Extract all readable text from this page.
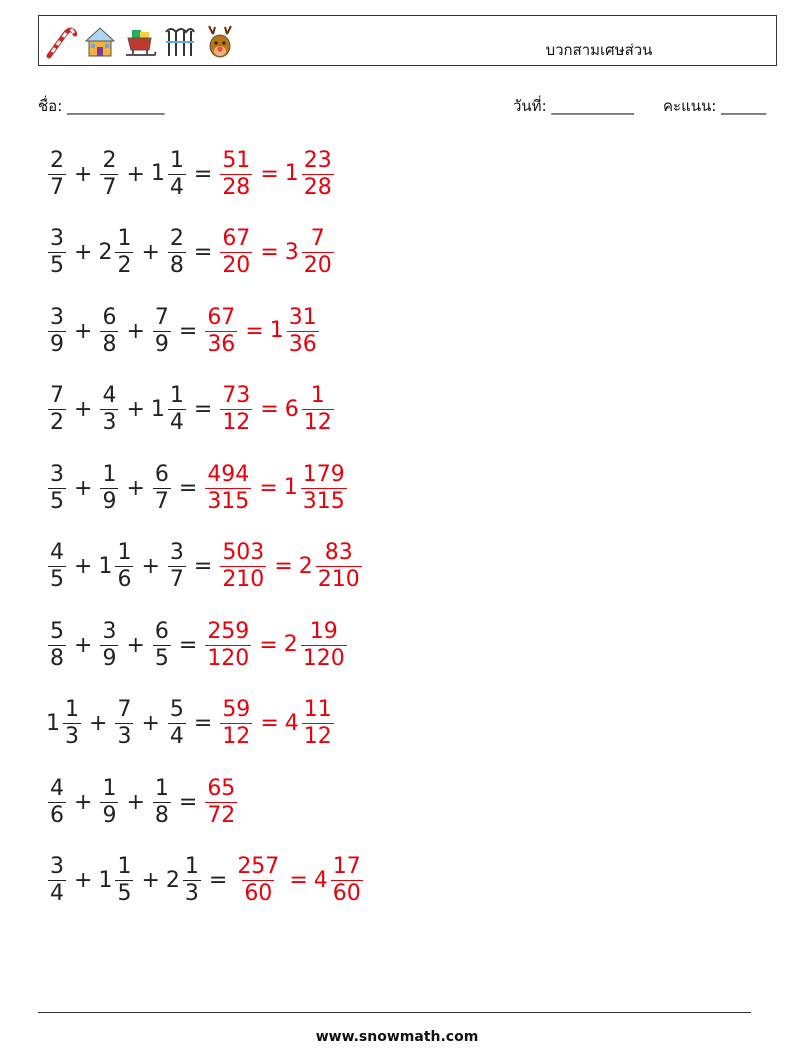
บวกสามเศษส่วน
ชื่อ: _____________	วันที่: ___________ คะแนน: ______
$\frac{2}{7} + \frac{2}{7} + 1 \frac{1}{4} = \frac{51}{28} = 1 \frac{23}{28}$
$\frac{3}{5} + 2 \frac{1}{2} + \frac{2}{8} = \frac{67}{20} = 3 \frac{7}{20}$
$\frac{3}{9} + \frac{6}{8} + \frac{7}{9} = \frac{67}{36} = 1 \frac{31}{36}$
$\frac{7}{2} + \frac{4}{3} + 1 \frac{1}{4} = \frac{73}{12} = 6 \frac{1}{12}$
$\frac{3}{5} + \frac{1}{9} + \frac{6}{7} = \frac{494}{315} = 1 \frac{179}{315}$
$\frac{4}{5} + 1 \frac{1}{6} + \frac{3}{7} = \frac{503}{210} = 2 \frac{83}{210}$
$\frac{5}{8} + \frac{3}{9} + \frac{6}{5} = \frac{259}{120} = 2 \frac{19}{120}$
$1 \frac{1}{3} + \frac{7}{3} + \frac{5}{4} = \frac{59}{12} = 4 \frac{11}{12}$
$\frac{4}{6} + \frac{1}{9} + \frac{1}{8} = \frac{65}{72}$
$\frac{3}{4} + 1 \frac{1}{5} + 2 \frac{1}{3} = \frac{257}{60} = 4 \frac{17}{60}$
www.snowmath.com
